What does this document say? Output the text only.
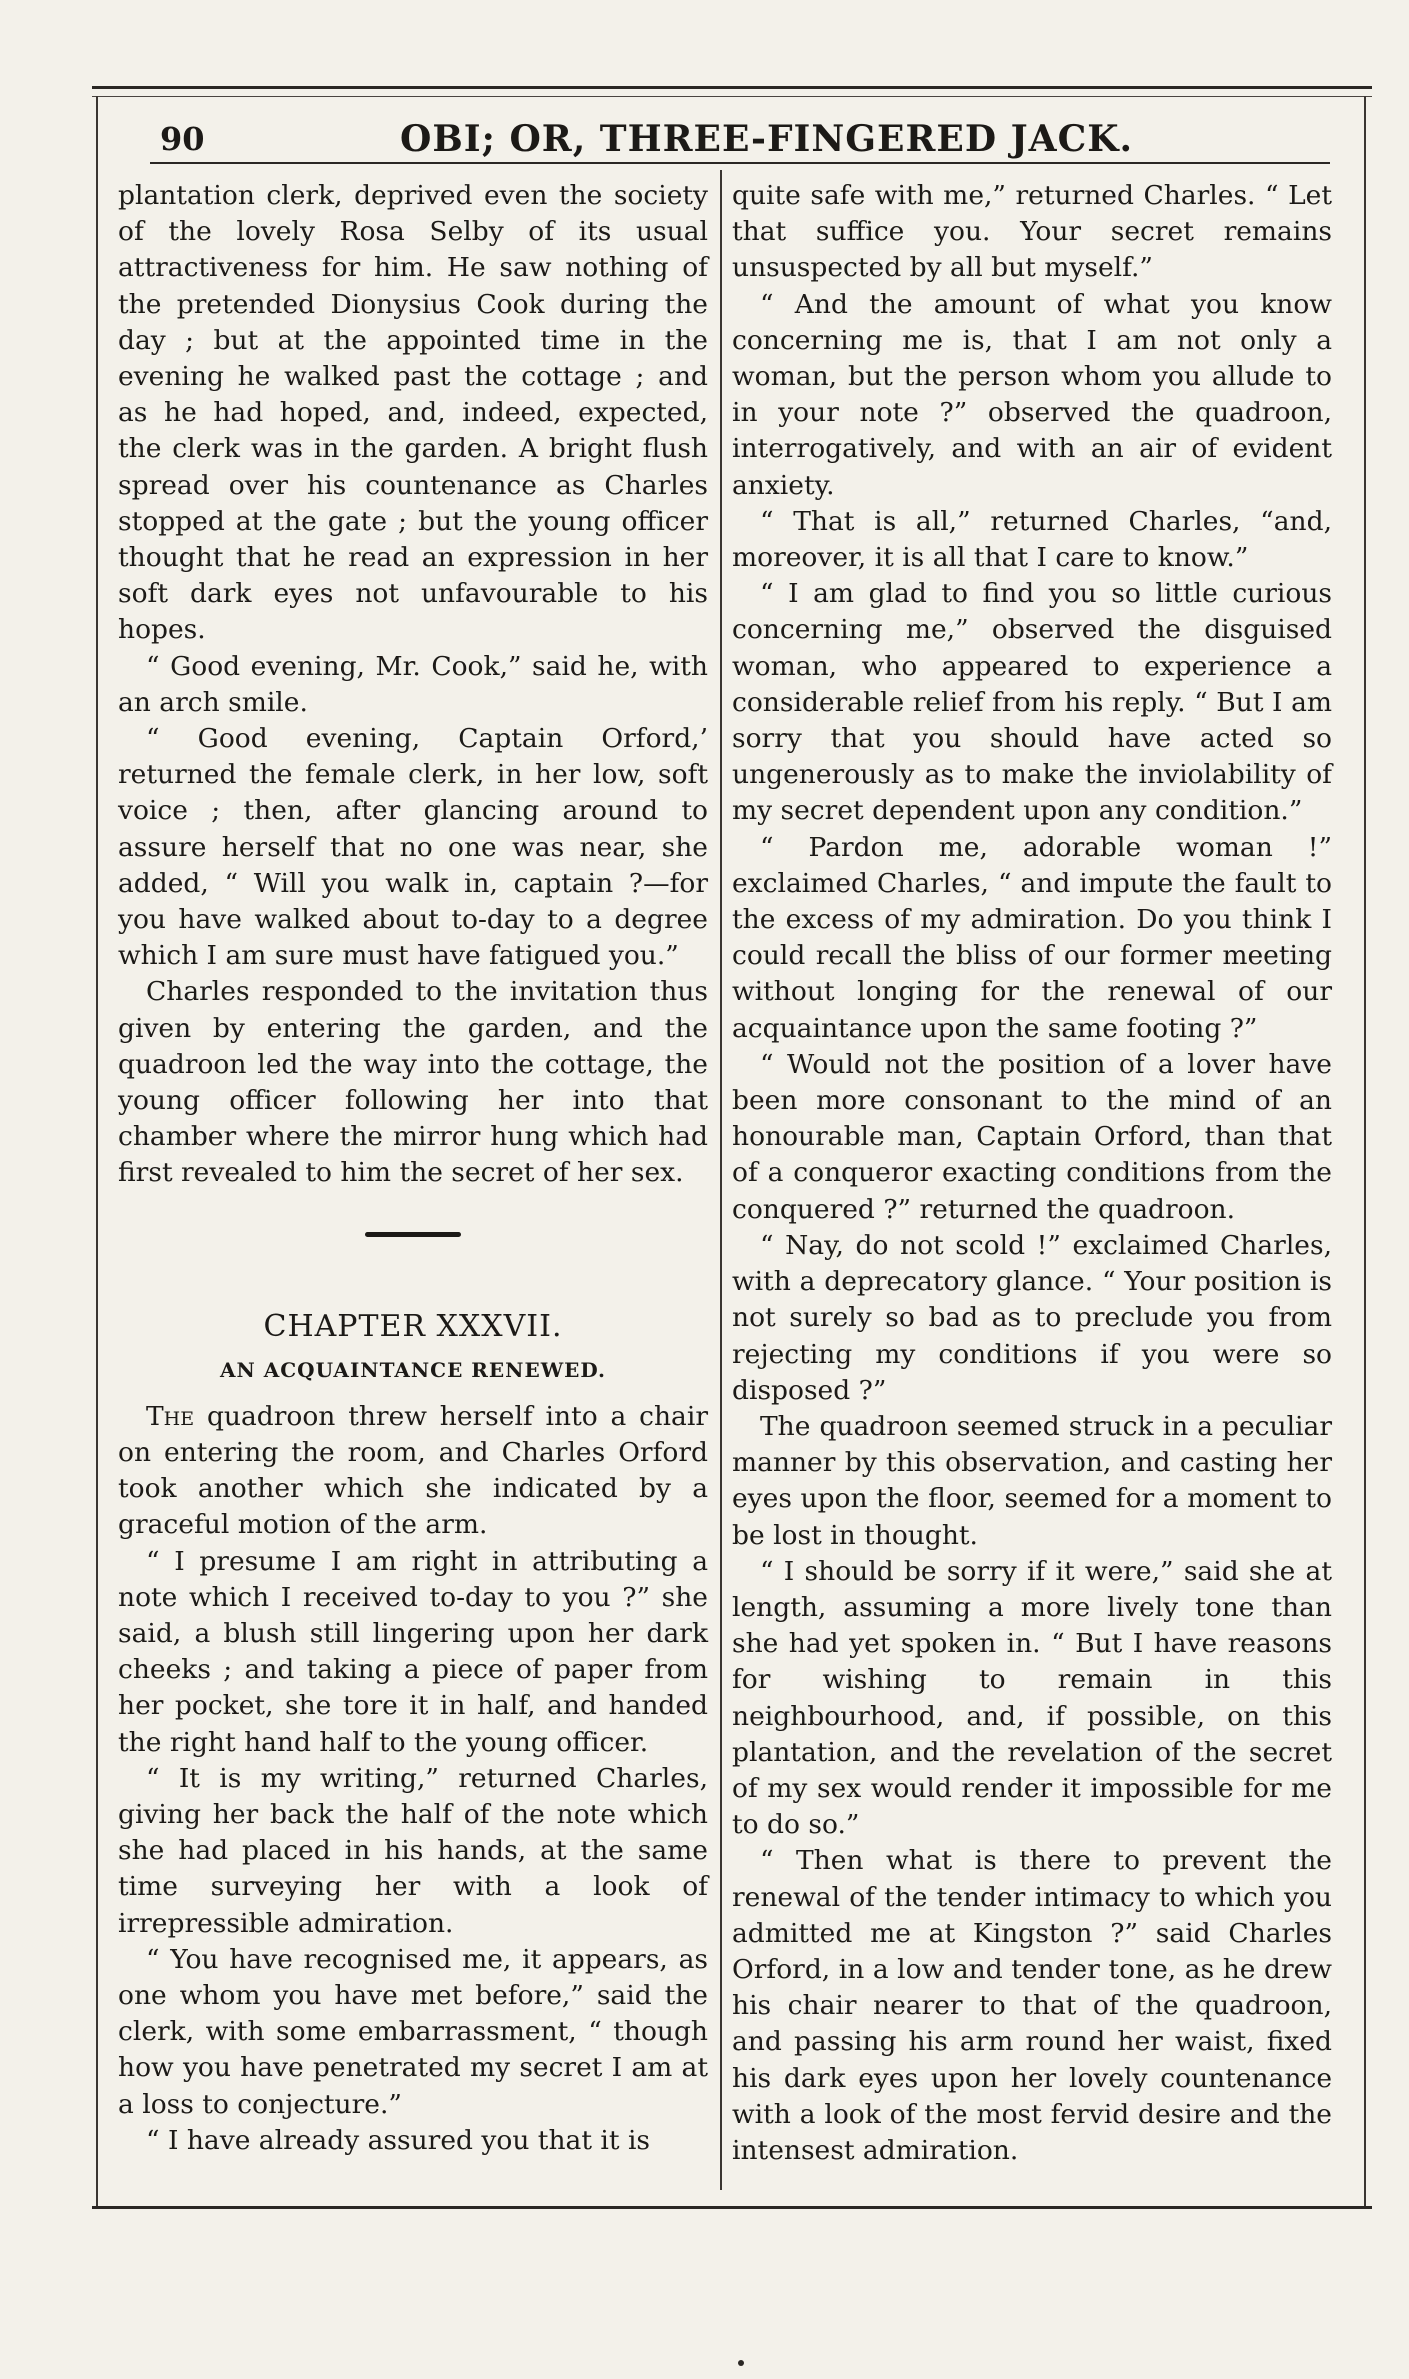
90	OBI; OR, THREE-FINGERED JACK.

plantation clerk, deprived even the society of the lovely Rosa Selby of its usual attractiveness for him. He saw nothing of the pretended Dionysius Cook during the day ; but at the appointed time in the evening he walked past the cottage ; and as he had hoped, and, indeed, expected, the clerk was in the garden. A bright flush spread over his countenance as Charles stopped at the gate ; but the young officer thought that he read an expression in her soft dark eyes not unfavourable to his hopes.

“ Good evening, Mr. Cook,” said he, with an arch smile.

“ Good evening, Captain Orford,’ returned the female clerk, in her low, soft voice ; then, after glancing around to assure herself that no one was near, she added, “ Will you walk in, captain ?—for you have walked about to-day to a degree which I am sure must have fatigued you.”

Charles responded to the invitation thus given by entering the garden, and the quadroon led the way into the cottage, the young officer following her into that chamber where the mirror hung which had first revealed to him the secret of her sex.

CHAPTER XXXVII.
AN ACQUAINTANCE RENEWED.

The quadroon threw herself into a chair on entering the room, and Charles Orford took another which she indicated by a graceful motion of the arm.

“ I presume I am right in attributing a note which I received to-day to you ?” she said, a blush still lingering upon her dark cheeks ; and taking a piece of paper from her pocket, she tore it in half, and handed the right hand half to the young officer.

“ It is my writing,” returned Charles, giving her back the half of the note which she had placed in his hands, at the same time surveying her with a look of irrepressible admiration.

“ You have recognised me, it appears, as one whom you have met before,” said the clerk, with some embarrassment, “ though how you have penetrated my secret I am at a loss to conjecture.”

“ I have already assured you that it is

quite safe with me,” returned Charles. “ Let that suffice you. Your secret remains unsuspected by all but myself.”

“ And the amount of what you know concerning me is, that I am not only a woman, but the person whom you allude to in your note ?” observed the quadroon, interrogatively, and with an air of evident anxiety.

“ That is all,” returned Charles, “and, moreover, it is all that I care to know.”

“ I am glad to find you so little curious concerning me,” observed the disguised woman, who appeared to experience a considerable relief from his reply. “ But I am sorry that you should have acted so ungenerously as to make the inviolability of my secret dependent upon any condition.”

“ Pardon me, adorable woman !” exclaimed Charles, “ and impute the fault to the excess of my admiration. Do you think I could recall the bliss of our former meeting without longing for the renewal of our acquaintance upon the same footing ?”

“ Would not the position of a lover have been more consonant to the mind of an honourable man, Captain Orford, than that of a conqueror exacting conditions from the conquered ?” returned the quadroon.

“ Nay, do not scold !” exclaimed Charles, with a deprecatory glance. “ Your position is not surely so bad as to preclude you from rejecting my conditions if you were so disposed ?”

The quadroon seemed struck in a peculiar manner by this observation, and casting her eyes upon the floor, seemed for a moment to be lost in thought.

“ I should be sorry if it were,” said she at length, assuming a more lively tone than she had yet spoken in. “ But I have reasons for wishing to remain in this neighbourhood, and, if possible, on this plantation, and the revelation of the secret of my sex would render it impossible for me to do so.”

“ Then what is there to prevent the renewal of the tender intimacy to which you admitted me at Kingston ?” said Charles Orford, in a low and tender tone, as he drew his chair nearer to that of the quadroon, and passing his arm round her waist, fixed his dark eyes upon her lovely countenance with a look of the most fervid desire and the intensest admiration.
